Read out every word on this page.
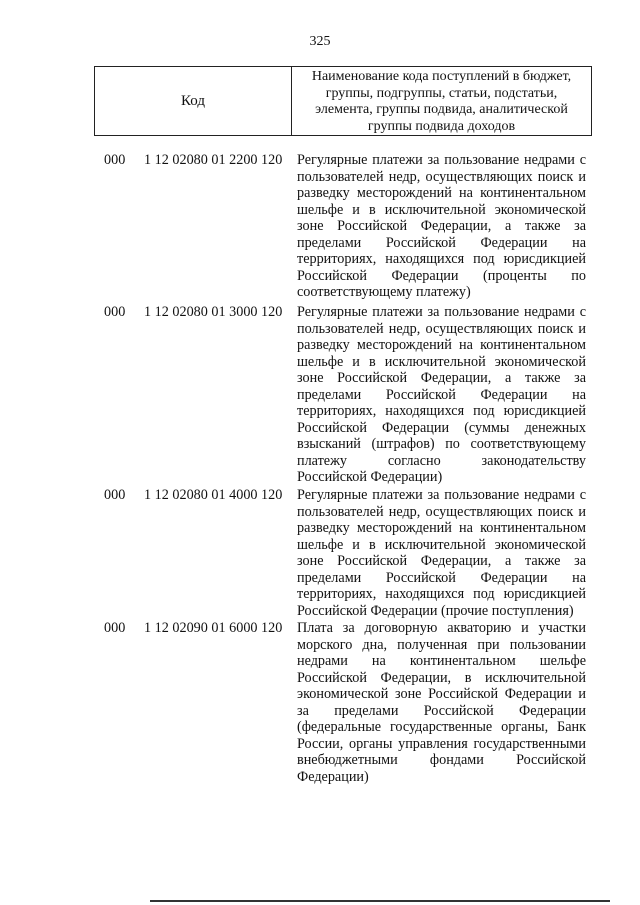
325
Код
Наименование кода поступлений в бюджет,
группы, подгруппы, статьи, подстатьи,
элемента, группы подвида, аналитической
группы подвида доходов
000 1 12 02080 01 2200 120 Регулярные платежи за пользование недрами с
пользователей недр, осуществляющих поиск и
разведку месторождений на континентальном
шельфе и в исключительной экономической
зоне Российской Федерации, а также за
пределами Российской Федерации на
территориях, находящихся под юрисдикцией
Российской Федерации (проценты по
соответствующему платежу)
000 1 12 02080 01 3000 120 Регулярные платежи за пользование недрами с
пользователей недр, осуществляющих поиск и
разведку месторождений на континентальном
шельфе и в исключительной экономической
зоне Российской Федерации, а также за
пределами Российской Федерации на
территориях, находящихся под юрисдикцией
Российской Федерации (суммы денежных
взысканий (штрафов) по соответствующему
платежу согласно законодательству
Российской Федерации)
000 1 12 02080 01 4000 120 Регулярные платежи за пользование недрами с
пользователей недр, осуществляющих поиск и
разведку месторождений на континентальном
шельфе и в исключительной экономической
зоне Российской Федерации, а также за
пределами Российской Федерации на
территориях, находящихся под юрисдикцией
Российской Федерации (прочие поступления)
000 1 12 02090 01 6000 120 Плата за договорную акваторию и участки
морского дна, полученная при пользовании
недрами на континентальном шельфе
Российской Федерации, в исключительной
экономической зоне Российской Федерации и
за пределами Российской Федерации
(федеральные государственные органы, Банк
России, органы управления государственными
внебюджетными фондами Российской
Федерации)
